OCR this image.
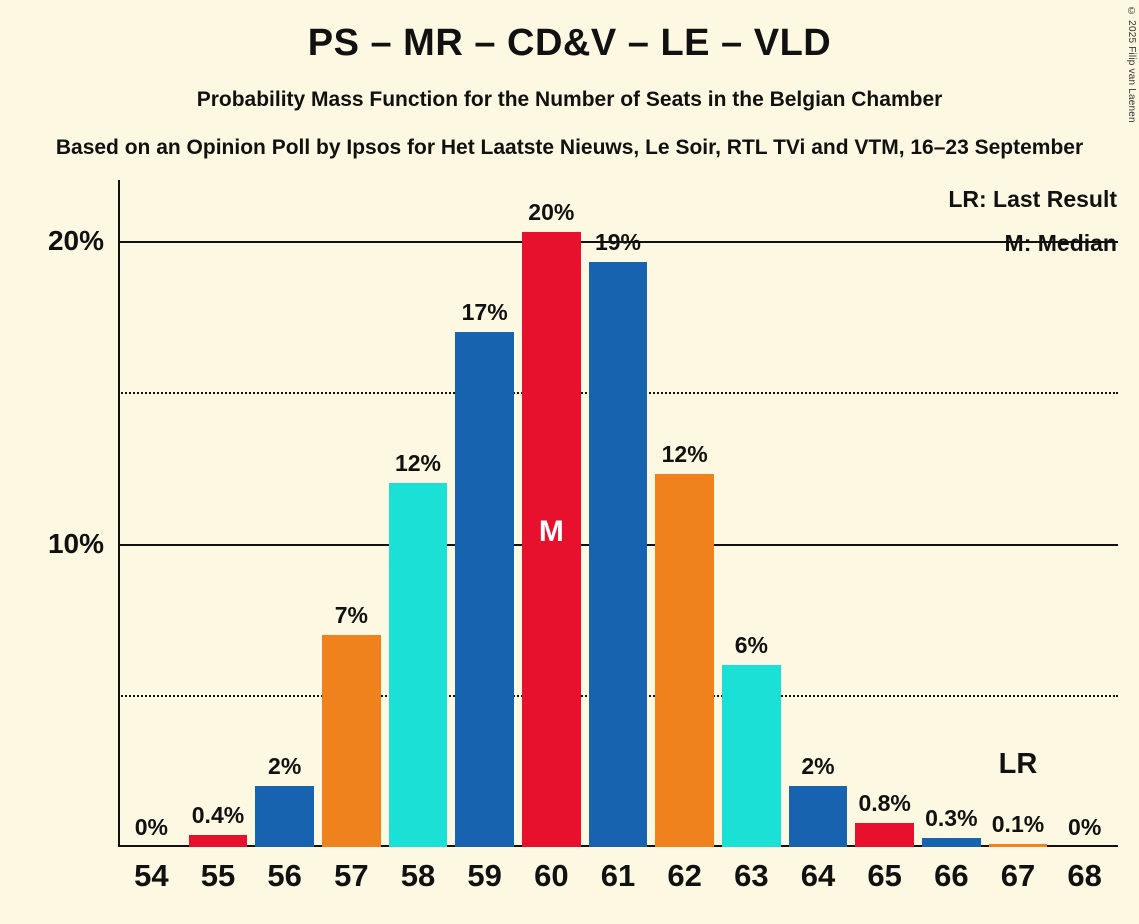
© 2025 Filip van Laenen
PS – MR – CD&V – LE – VLD
Probability Mass Function for the Number of Seats in the Belgian Chamber
Based on an Opinion Poll by Ipsos for Het Laatste Nieuws, Le Soir, RTL TVi and VTM, 16–23 September
LR: Last Result
M: Median
0%	0.4%
2%
7%
12%
17%
M
20%
19%
12%
6%
2%
0.8%
0.3% 0.1%	0%
20%
10%
54	55	56	57	58	59	60	61	62	63	64	65	66	67	68
LR
